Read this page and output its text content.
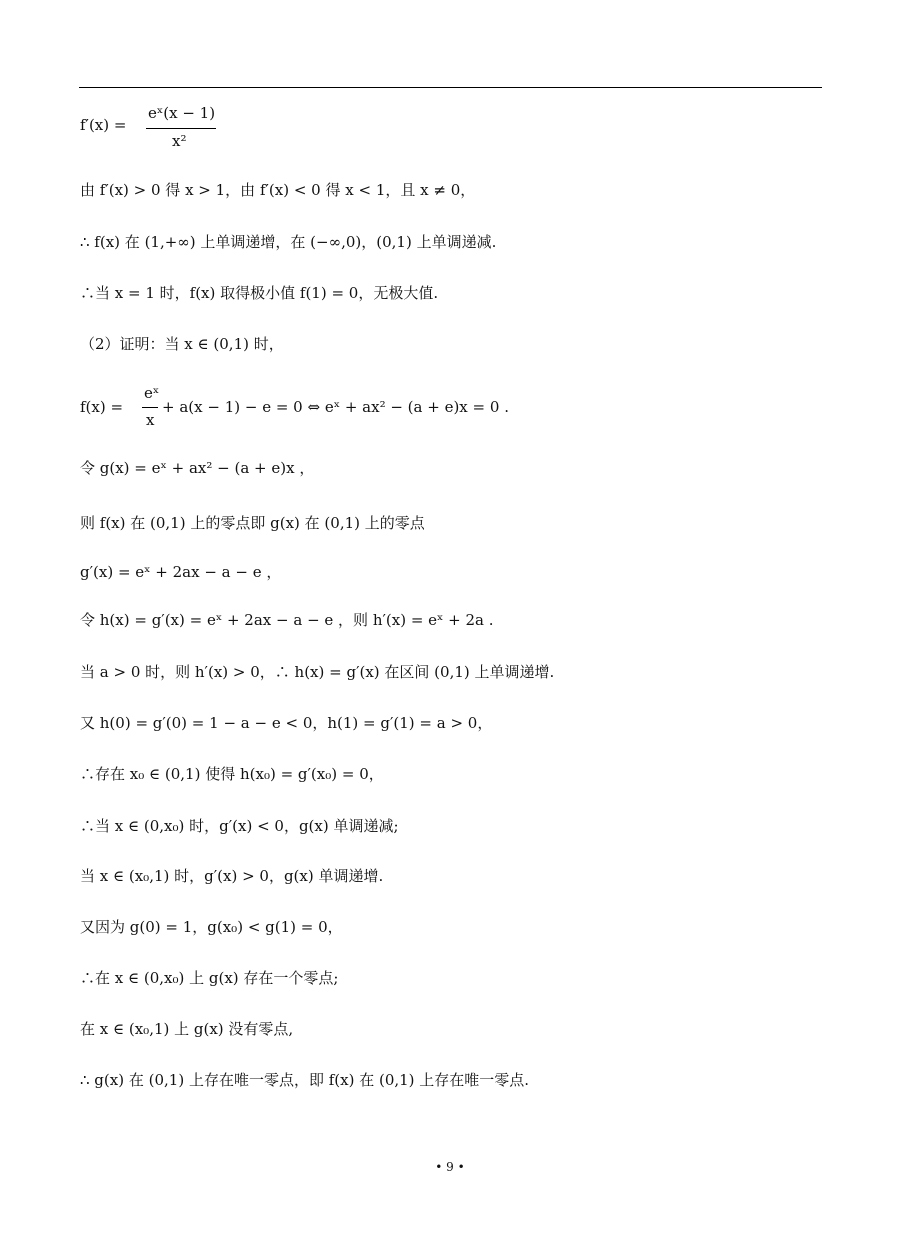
f′(x) =
eˣ(x − 1)
x²
由 f′(x) > 0 得 x > 1，由 f′(x) < 0 得 x < 1，且 x ≠ 0，
∴ f(x) 在 (1,+∞) 上单调递增，在 (−∞,0)，(0,1) 上单调递减.
∴当 x = 1 时，f(x) 取得极小值 f(1) = 0，无极大值.
（2）证明：当 x ∈ (0,1) 时，
f(x) =
eˣ
x
+ a(x − 1) − e = 0 ⇔ eˣ + ax² − (a + e)x = 0 .
令 g(x) = eˣ + ax² − (a + e)x ，
则 f(x) 在 (0,1) 上的零点即 g(x) 在 (0,1) 上的零点
g′(x) = eˣ + 2ax − a − e ，
令 h(x) = g′(x) = eˣ + 2ax − a − e ，则 h′(x) = eˣ + 2a .
当 a > 0 时，则 h′(x) > 0，∴ h(x) = g′(x) 在区间 (0,1) 上单调递增.
又 h(0) = g′(0) = 1 − a − e < 0，h(1) = g′(1) = a > 0，
∴存在 x₀ ∈ (0,1) 使得 h(x₀) = g′(x₀) = 0，
∴当 x ∈ (0,x₀) 时，g′(x) < 0，g(x) 单调递减;
当 x ∈ (x₀,1) 时，g′(x) > 0，g(x) 单调递增.
又因为 g(0) = 1，g(x₀) < g(1) = 0，
∴在 x ∈ (0,x₀) 上 g(x) 存在一个零点;
在 x ∈ (x₀,1) 上 g(x) 没有零点,
∴ g(x) 在 (0,1) 上存在唯一零点，即 f(x) 在 (0,1) 上存在唯一零点.
• 9 •
